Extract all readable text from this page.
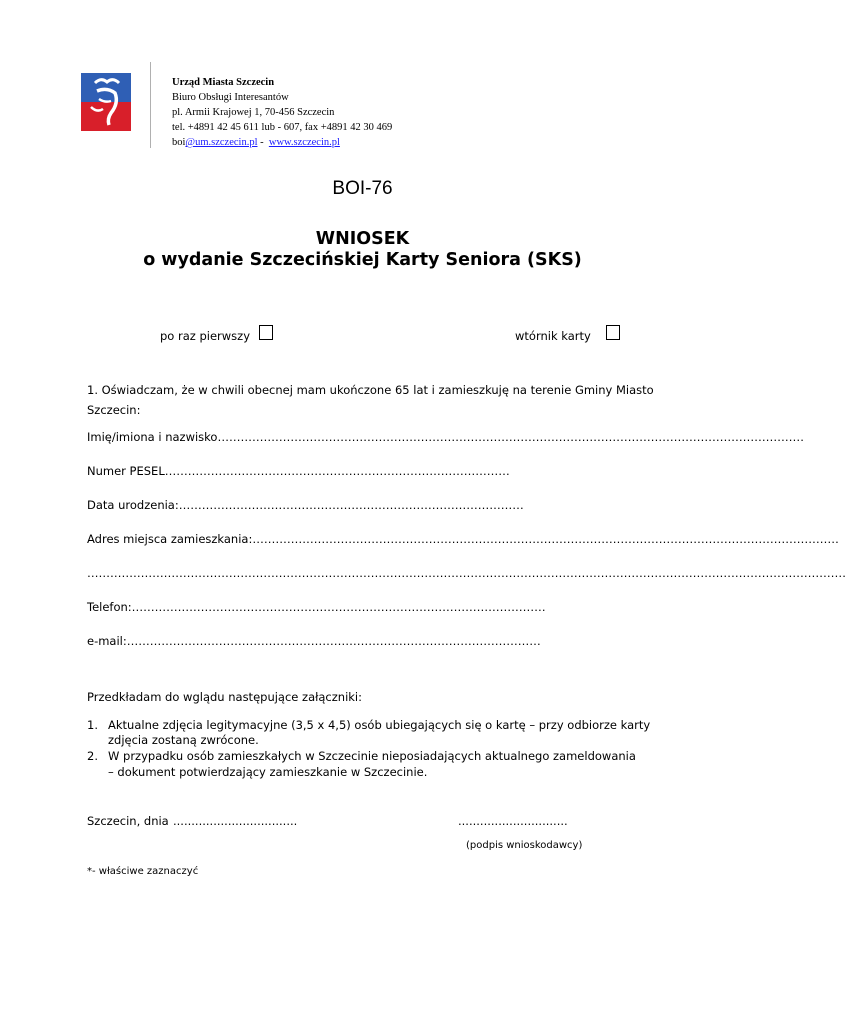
Urząd Miasta Szczecin
Biuro Obsługi Interesantów
pl. Armii Krajowej 1, 70-456 Szczecin
tel. +4891 42 45 611 lub - 607, fax +4891 42 30 469
boi@um.szczecin.pl -  www.szczecin.pl
BOI-76
WNIOSEK
o wydanie Szczecińskiej Karty Seniora (SKS)
po raz pierwszy	wtórnik karty
1. Oświadczam, że w chwili obecnej mam ukończone 65 lat i zamieszkuję na terenie Gminy Miasto
Szczecin:
Imię/imiona i nazwisko………………………………………………………………………………………………………………………………………
Numer PESEL………………………………………………………………………………
Data urodzenia:………………………………………………………………………………
Adres miejsca zamieszkania:………………………………………………………………………………………………………………………………………
………………………………………………………………………………………………………………………………………………………………………………
Telefon:………………………………………………………………………………………………
e-mail:………………………………………………………………………………………………
Przedkładam do wglądu następujące załączniki:
1. Aktualne zdjęcia legitymacyjne (3,5 x 4,5) osób ubiegających się o kartę – przy odbiorze karty
zdjęcia zostaną zwrócone.
2. W przypadku osób zamieszkałych w Szczecinie nieposiadających aktualnego zameldowania
– dokument potwierdzający zamieszkanie w Szczecinie.
Szczecin, dnia ..................................	..............................
(podpis wnioskodawcy)
*- właściwe zaznaczyć
